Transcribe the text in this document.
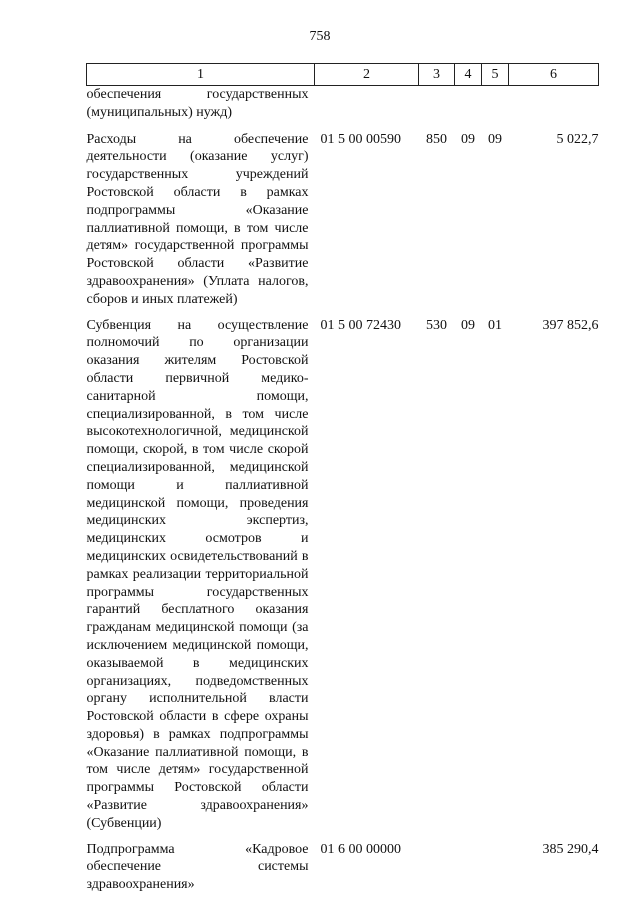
758
1	2	3	4	5	6
обеспечения государственных (муниципальных) нужд)					
Расходы на обеспечение деятельности (оказание услуг) государственных учреждений Ростовской области в рамках подпрограммы «Оказание паллиативной помощи, в том числе детям» государственной программы Ростовской области «Развитие здравоохранения» (Уплата налогов, сборов и иных платежей)	01 5 00 00590	850	09	09	5 022,7
Субвенция на осуществление полномочий по организации оказания жителям Ростовской области первичной медико-санитарной помощи, специализированной, в том числе высокотехнологичной, медицинской помощи, скорой, в том числе скорой специализированной, медицинской помощи и паллиативной медицинской помощи, проведения медицинских экспертиз, медицинских осмотров и медицинских освидетельствований в рамках реализации территориальной программы государственных гарантий бесплатного оказания гражданам медицинской помощи (за исключением медицинской помощи, оказываемой в медицинских организациях, подведомственных органу исполнительной власти Ростовской области в сфере охраны здоровья) в рамках подпрограммы «Оказание паллиативной помощи, в том числе детям» государственной программы Ростовской области «Развитие здравоохранения» (Субвенции)	01 5 00 72430	530	09	01	397 852,6
Подпрограмма «Кадровое обеспечение системы здравоохранения»	01 6 00 00000				385 290,4
